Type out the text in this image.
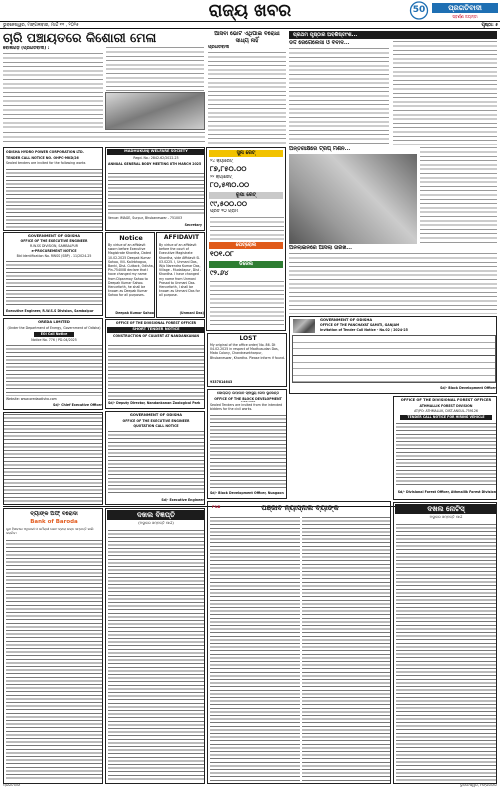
ରାଜ୍ୟ ଖବର	50	ପ୍ରଗତିବାଦୀ
ସ୍ବର୍ଣ୍ଣ ଜୟନ୍ତୀ
ଭୁବନେଶ୍ୱର, ମଙ୍ଗଳବାର, ମାର୍ଚ୍ଚ ୧୧ , ୨୦୨୫	ପୃଷ୍ଠା: ୫
ଚାରି ପଞ୍ଚାୟତରେ କିଶୋରୀ ମେଳା
ବୋଲଗଡ଼ (ପ୍ରଗତିବାଦୀ) :
ଆସିବା ଭୋଟ ଏଥିପାଇଁ ବିରୋଧୀ ସାଧ୍ୟ ନାହିଁ
ପ୍ରଗତିବାଦୀ
ପ୍ରଥମ ପୃଷ୍ଠାର ଅବଶିଷ୍ଟାଂଶ...
ଡର୍ଦ୍ଦ ରେଗେଲେସା ଓ ବିବାଦ...
ଅନ୍ତରୀକ୍ଷରେ ଟ୍ରିପ୍ ମିଶନ...
ଅନଲାଇନରେ ଆସିଲା ତାରିଖ...
ସୁନା ରେଟ୍
୨୪ କ୍ୟାରେଟ୍
୮୭,୮୫୦.୦୦
୨୨ କ୍ୟାରେଟ୍
୮୦,୫୩୦.୦୦
ରୂପା ରେଟ୍
୯୯,୫୦୦.୦୦
ପ୍ରତି ୧୦ ଗ୍ରାମ
ପେଟ୍ରୋଲ
୧୦୧.୦୮
ଡିଜେଲ
୯୨.୬୪
ODISHA HYDRO POWER CORPORATION LTD.
TENDER CALL NOTICE NO. OHPC-MKD/26
Sealed tenders are invited for the following works
MADHUKUNJ WELFARE SOCIETY
Regd. No.: 2842-62/2022-23
ANNUAL GENERAL BODY MEETING 8TH MARCH 2025
Venue: IMAGE, Surpur, Bhubaneswar - 751003
Secretary
Notice
By virtue of an affidavit sworn before Executive Magistrate Khordha, Dated 10.02.2025 Deepak Kumar Sahoo, Vill- Kalirbhagua, Banki, Dist- Cuttack, Odisha, Pin-754008 declare that I have changed my name from Dipanmoy Sahoo to Deepak Kumar Sahoo. Henceforth, he shall be known as Deepak Kumar Sahoo for all purposes.
Deepak Kumar Sahoo
AFFIDAVIT
By virtue of an affidavit before the court of Executive Magistrate Khordha, vide Affidavit Sl. 03.0225. I, Unmani Das, W/o Narendra Kumar Das, Village - Mudaliapur, Dist - Khordha. I have changed my name from Unmani Prasad to Unmani Das. Henceforth, I shall be known as Unmani Das for all purpose.
(Unmani Das)
GOVERNMENT OF ODISHA
OFFICE OF THE EXECUTIVE ENGINEER
R.W.SS DIVISION, SAMBALPUR
e-PROCUREMENT NOTICE
Bid Identification No. RWSS (SBP) - 11/2024-25
Executive Engineer, R.W.S.S Division, Sambalpur
OFFICE OF THE DIVISIONAL FOREST OFFICER
SHORT TENDER NOTICE
CONSTRUCTION OF CULVERT AT NANDANKANAN
Sd/- Deputy Director, Nandankanan Zoological Park
OREDA LIMITED
(Under the Department of Energy, Government of Odisha)
EOI Call Notice
Notice No. 776 / PD-04/2025
Website: www.oredaodisha.com
Sd/- Chief Executive Officer
LOST
My original of the office order/ No. 86. Dt 04.02.2025 in respect of Madhusudan Das, Mata Colony, Chandrasekharpur, Bhubaneswar, Khordha. Please inform if found.
9337814643
କୋଲାଗଡ଼ ଉପାଦାନ ସ୍ଵାସ୍ଥ୍ୟ ସେବା ଭୂକେଣ୍ଡ
OFFICE OF THE BLOCK DEVELOPMENT
Sealed Tenders are invited from the intended bidders for the civil works.
Sd/- Block Development Officer, Nuagaon
GOVERNMENT OF ODISHA
OFFICE OF THE PANCHAYAT SAMITI, GANJAM
Invitation of Tender Call Notice - No.02 / 2024-25
Sd/- Block Development Officer
OFFICE OF THE DIVISIONAL FOREST OFFICER
ATHMALLIK FOREST DIVISION
AT/PO: ATHMALLIK, DIST-ANGUL-759126
TENDER CALL NOTICE FOR HIRING VEHICLE
Sd/- Divisional Forest Officer, Athmallik Forest Division
GOVERNMENT OF ODISHA
OFFICE OF THE EXECUTIVE ENGINEER
QUOTATION CALL NOTICE
Sd/- Executive Engineer
ବ୍ୟାଙ୍କ ଅଫ୍ ବରୋଦା
Bank of Baroda
ଗୁଣ ହିସାବରେ ଅଧିକାରୀ ଓ କର୍ମଚାରୀ ଭୋଟ ଦ୍ବାରା ଉକ୍ତ ସମ୍ପତ୍ତି ଖାଲି କରାଯିବ।
ଦଖଲ ବିଜ୍ଞପ୍ତି
(ଅସ୍ଥାବର ସମ୍ପତ୍ତି ପାଇଁ)
ପଞ୍ଜାବ ନ୍ୟାସ୍ନାଲ ବ୍ୟାଙ୍କ
PNB	ଦଖଲ ନୋଟିସ୍
ଅସ୍ଥାବର ସମ୍ପତ୍ତି ପାଇଁ
ପ୍ରଗତିବାଦୀ	ଭୁବନେଶ୍ୱର, ମଙ୍ଗଳବାର
